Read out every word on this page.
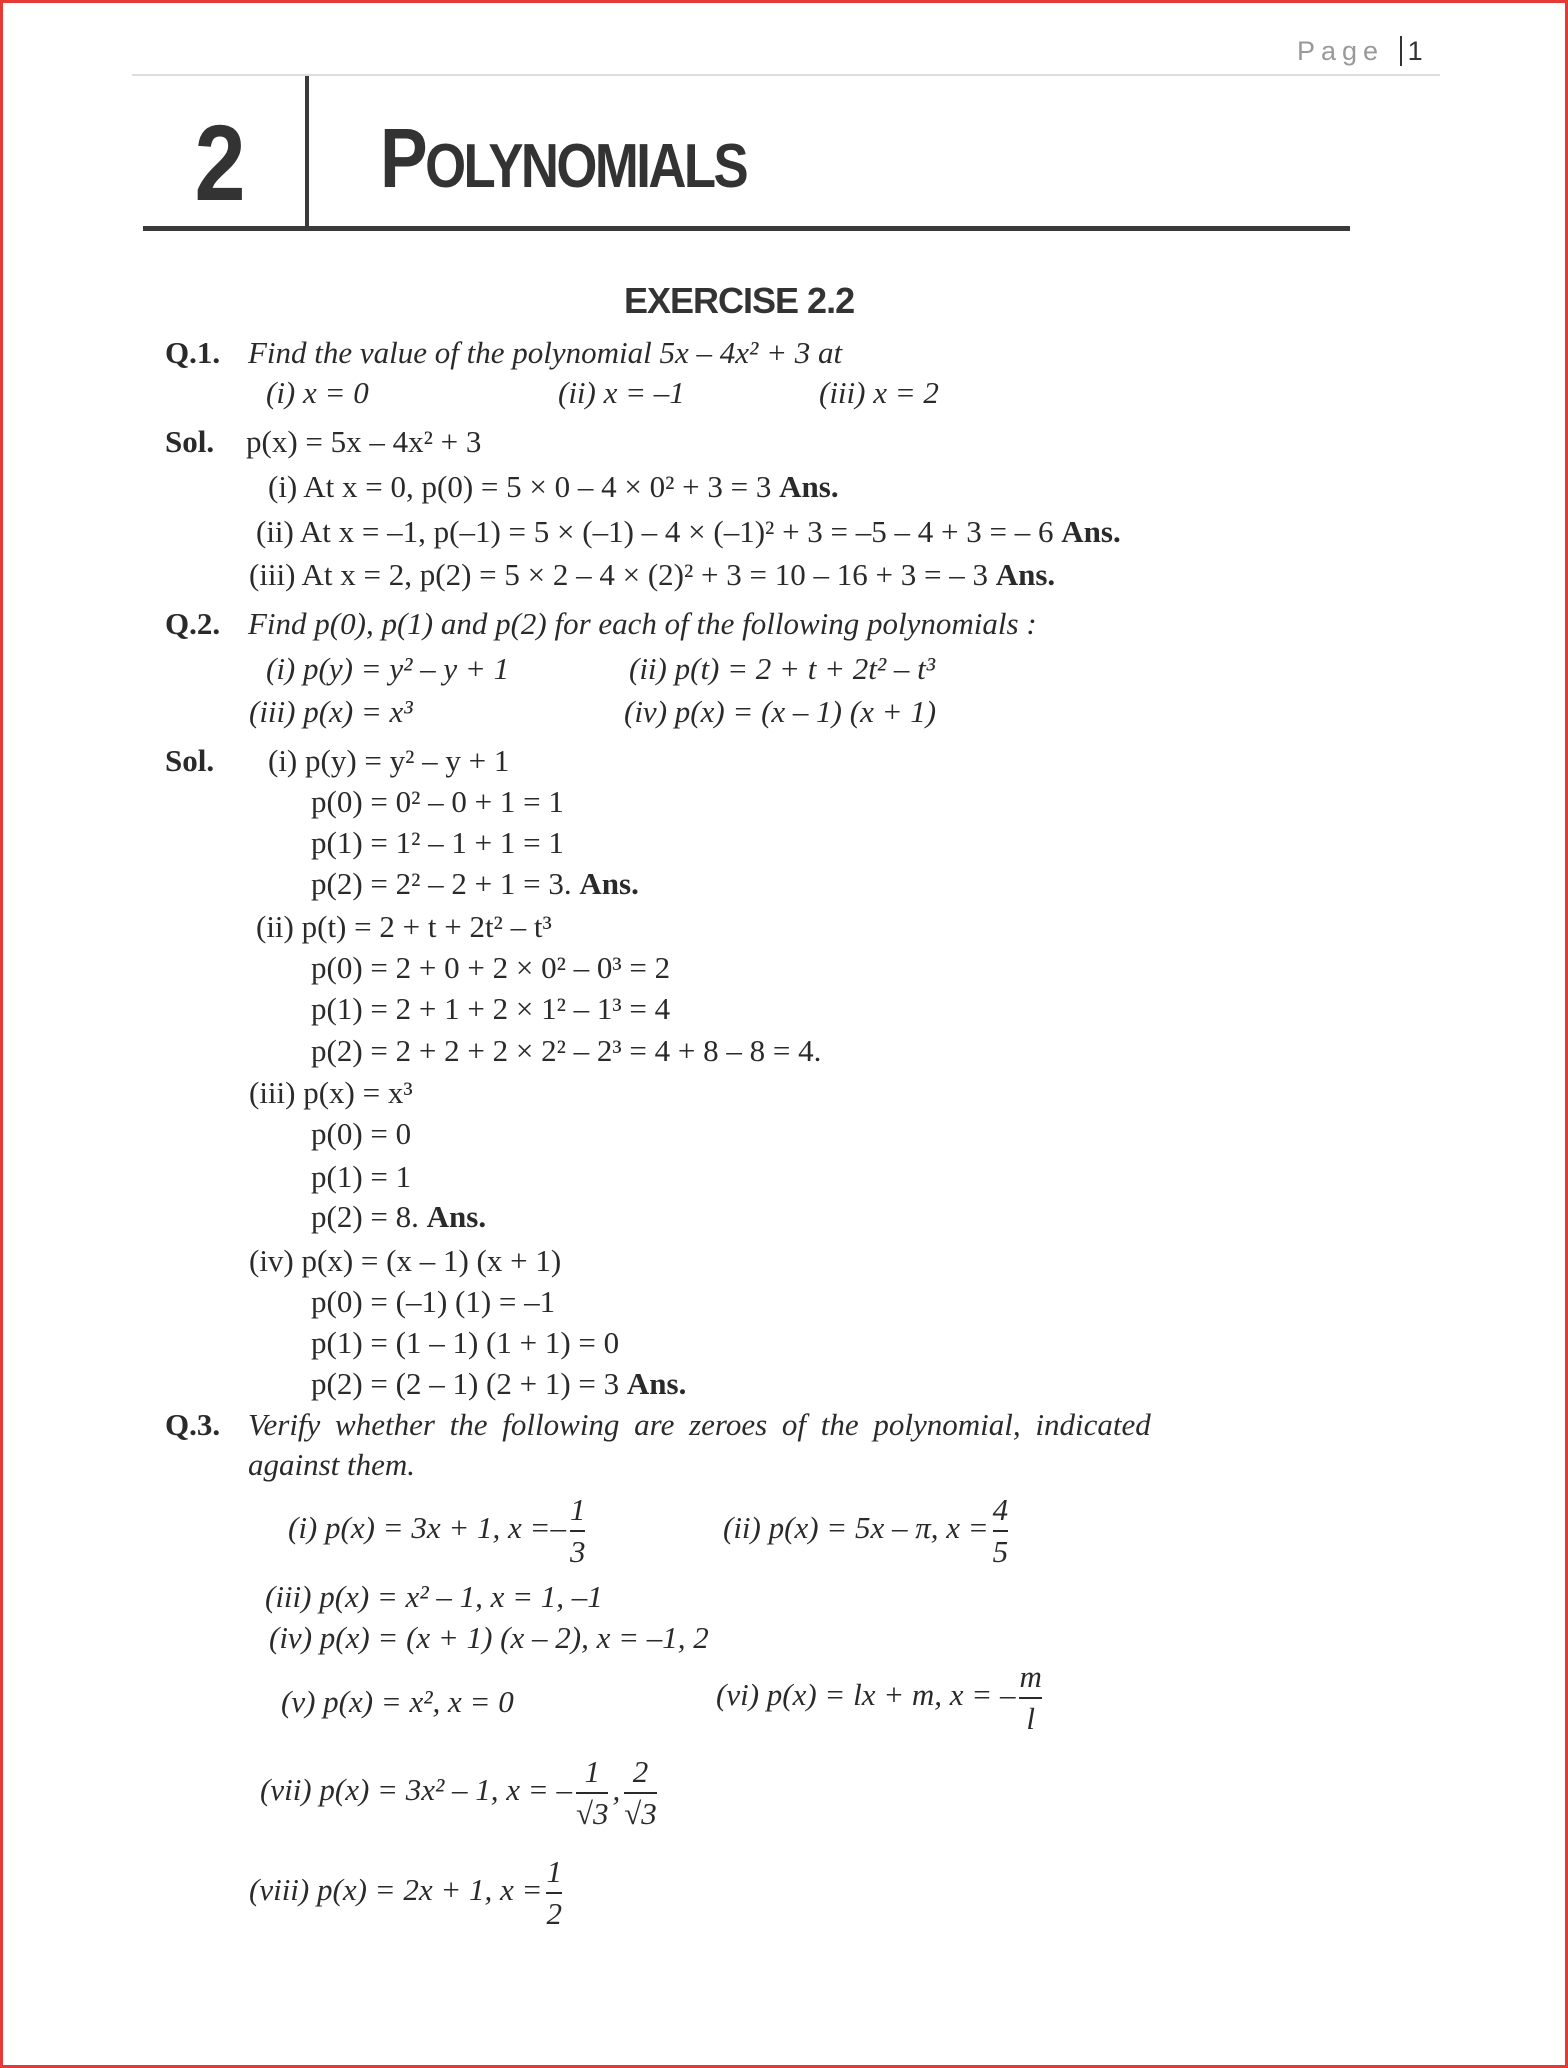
Page 1
2 POLYNOMIALS
EXERCISE 2.2
Q.1. Find the value of the polynomial 5x – 4x² + 3 at
(i) x = 0	(ii) x = –1	(iii) x = 2
Sol. p(x) = 5x – 4x² + 3
(i) At x = 0, p(0) = 5 × 0 – 4 × 0² + 3 = 3 Ans.
(ii) At x = –1, p(–1) = 5 × (–1) – 4 × (–1)² + 3 = –5 – 4 + 3 = – 6 Ans.
(iii) At x = 2, p(2) = 5 × 2 – 4 × (2)² + 3 = 10 – 16 + 3 = – 3 Ans.
Q.2. Find p(0), p(1) and p(2) for each of the following polynomials :
(i) p(y) = y² – y + 1	(ii) p(t) = 2 + t + 2t² – t³
(iii) p(x) = x³	(iv) p(x) = (x – 1) (x + 1)
Sol. (i) p(y) = y² – y + 1
p(0) = 0² – 0 + 1 = 1
p(1) = 1² – 1 + 1 = 1
p(2) = 2² – 2 + 1 = 3. Ans.
(ii) p(t) = 2 + t + 2t² – t³
p(0) = 2 + 0 + 2 × 0² – 0³ = 2
p(1) = 2 + 1 + 2 × 1² – 1³ = 4
p(2) = 2 + 2 + 2 × 2² – 2³ = 4 + 8 – 8 = 4.
(iii) p(x) = x³
p(0) = 0
p(1) = 1
p(2) = 8. Ans.
(iv) p(x) = (x – 1) (x + 1)
p(0) = (–1) (1) = –1
p(1) = (1 – 1) (1 + 1) = 0
p(2) = (2 – 1) (2 + 1) = 3 Ans.
Q.3. Verify whether the following are zeroes of the polynomial, indicated
against them.
(i) p(x) = 3x + 1, $x =- \frac{1}{3}$	(ii) p(x) = 5x – π, $x = \frac{4}{5}$
(iii) p(x) = x² – 1, x = 1, –1
(iv) p(x) = (x + 1) (x – 2), x = –1, 2
(v) p(x) = x², x = 0	(vi) p(x) = lx + m, x = – $\frac{m}{l}$
(vii) p(x) = 3x² – 1, x = – $\frac{1}{√3}$ , $\frac{2}{√3}$
(viii) p(x) = 2x + 1, $x = \frac{1}{2}$
